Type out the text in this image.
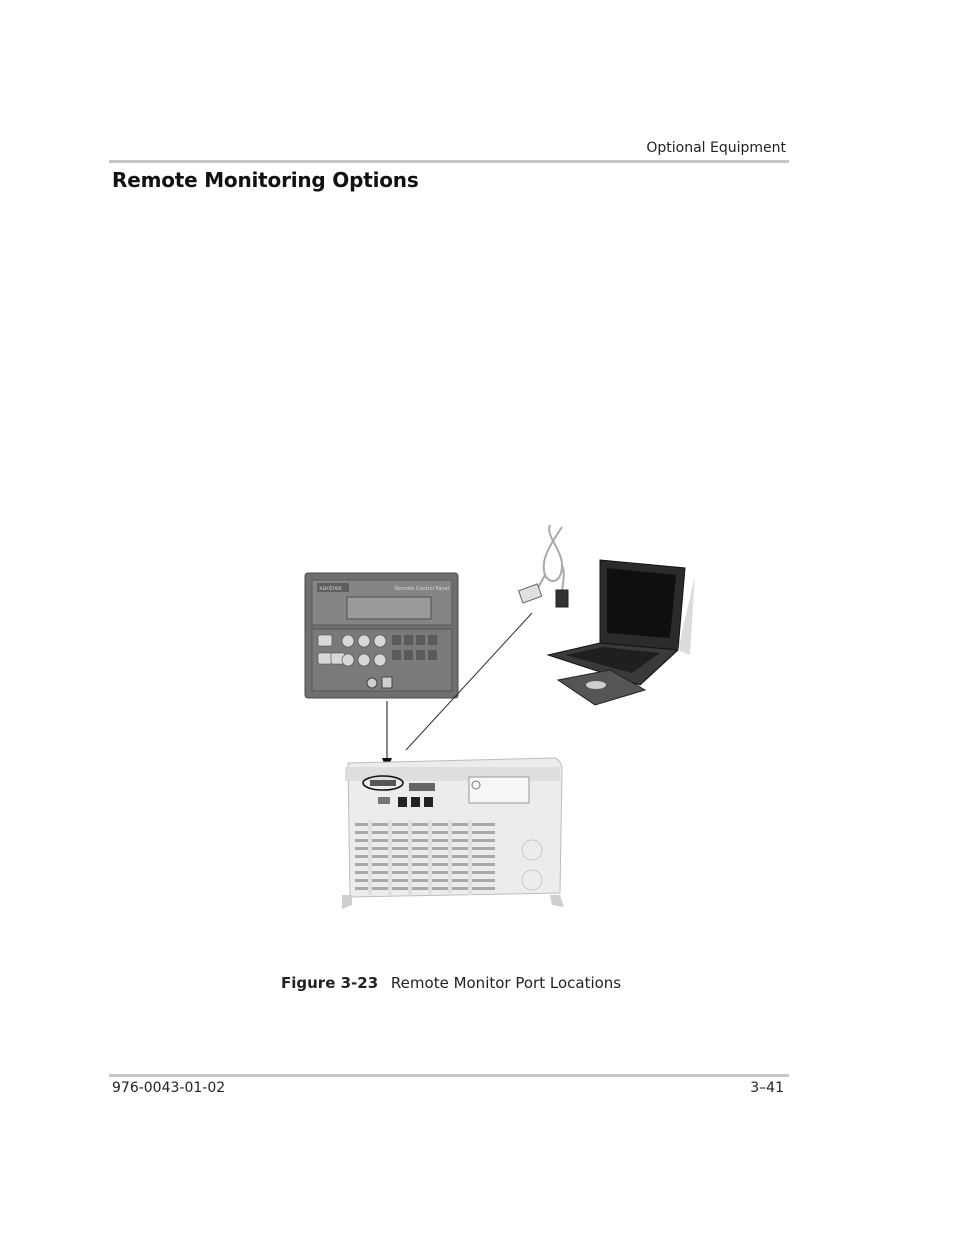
Optional Equipment
Remote Monitoring Options
xantrex	Remote Control Panel
Figure 3-23 Remote Monitor Port Locations
976-0043-01-02	3–41
